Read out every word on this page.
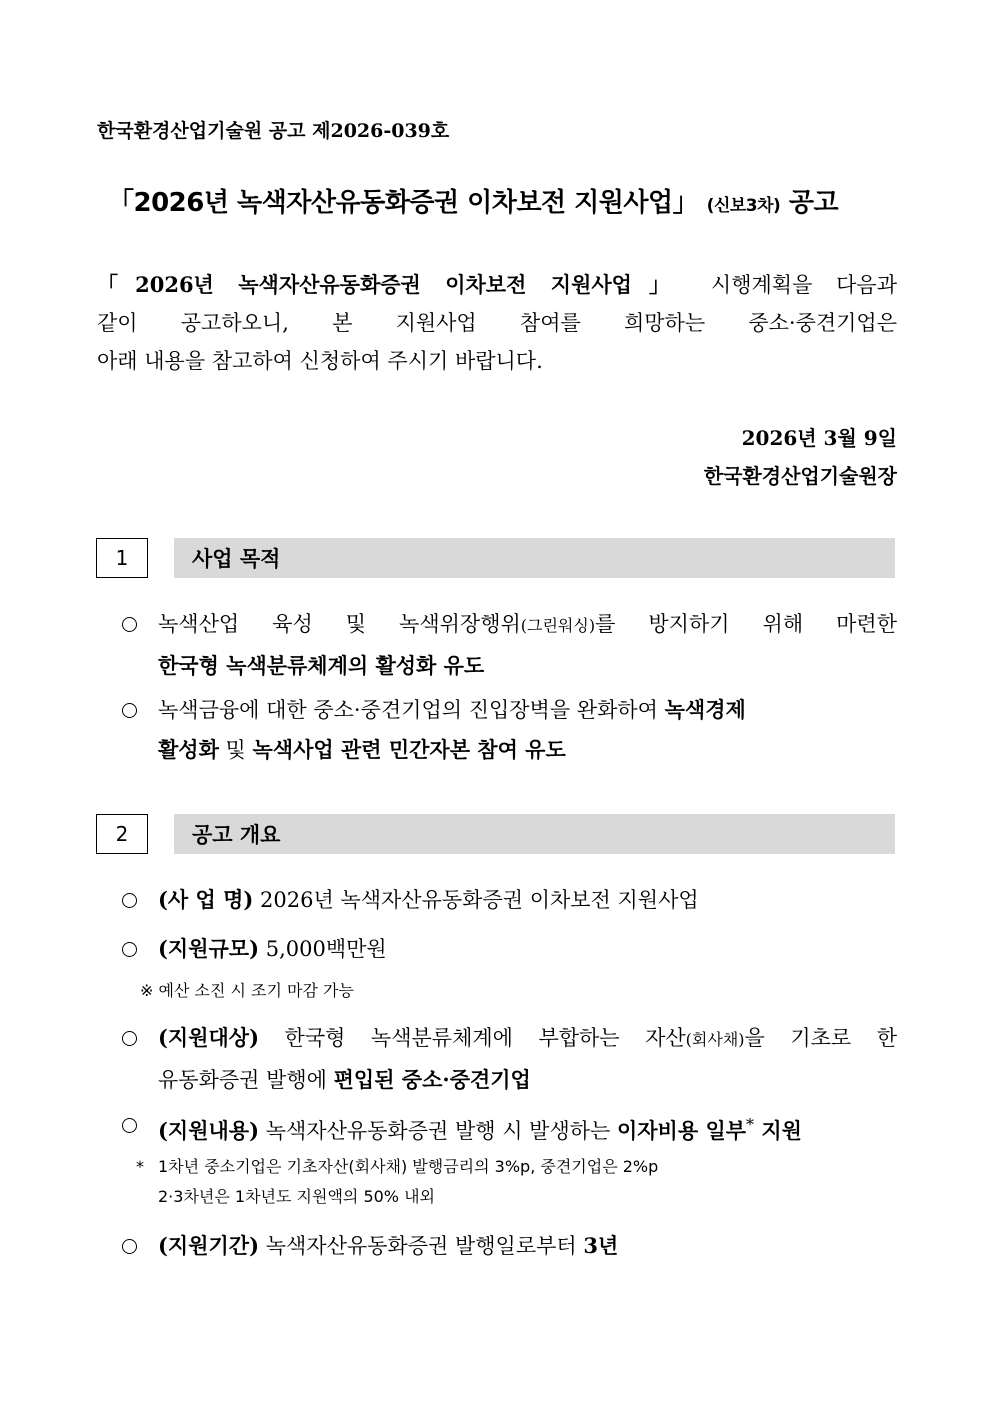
한국환경산업기술원 공고 제2026-039호
「2026년 녹색자산유동화증권 이차보전 지원사업」 (신보3차) 공고
「2026년 녹색자산유동화증권 이차보전 지원사업」 시행계획을 다음과
같이 공고하오니, 본 지원사업 참여를 희망하는 중소·중견기업은
아래 내용을 참고하여 신청하여 주시기 바랍니다.
2026년 3월 9일
한국환경산업기술원장
1	사업 목적
녹색산업 육성 및 녹색위장행위(그린워싱)를 방지하기 위해 마련한
한국형 녹색분류체계의 활성화 유도
녹색금융에 대한 중소·중견기업의 진입장벽을 완화하여 녹색경제
활성화 및 녹색사업 관련 민간자본 참여 유도
2	공고 개요
(사 업 명) 2026년 녹색자산유동화증권 이차보전 지원사업
(지원규모) 5,000백만원
※ 예산 소진 시 조기 마감 가능
(지원대상) 한국형 녹색분류체계에 부합하는 자산(회사채)을 기초로 한
유동화증권 발행에 편입된 중소·중견기업
(지원내용) 녹색자산유동화증권 발행 시 발생하는 이자비용 일부* 지원
* 1차년 중소기업은 기초자산(회사채) 발행금리의 3%p, 중견기업은 2%p
2·3차년은 1차년도 지원액의 50% 내외
(지원기간) 녹색자산유동화증권 발행일로부터 3년
